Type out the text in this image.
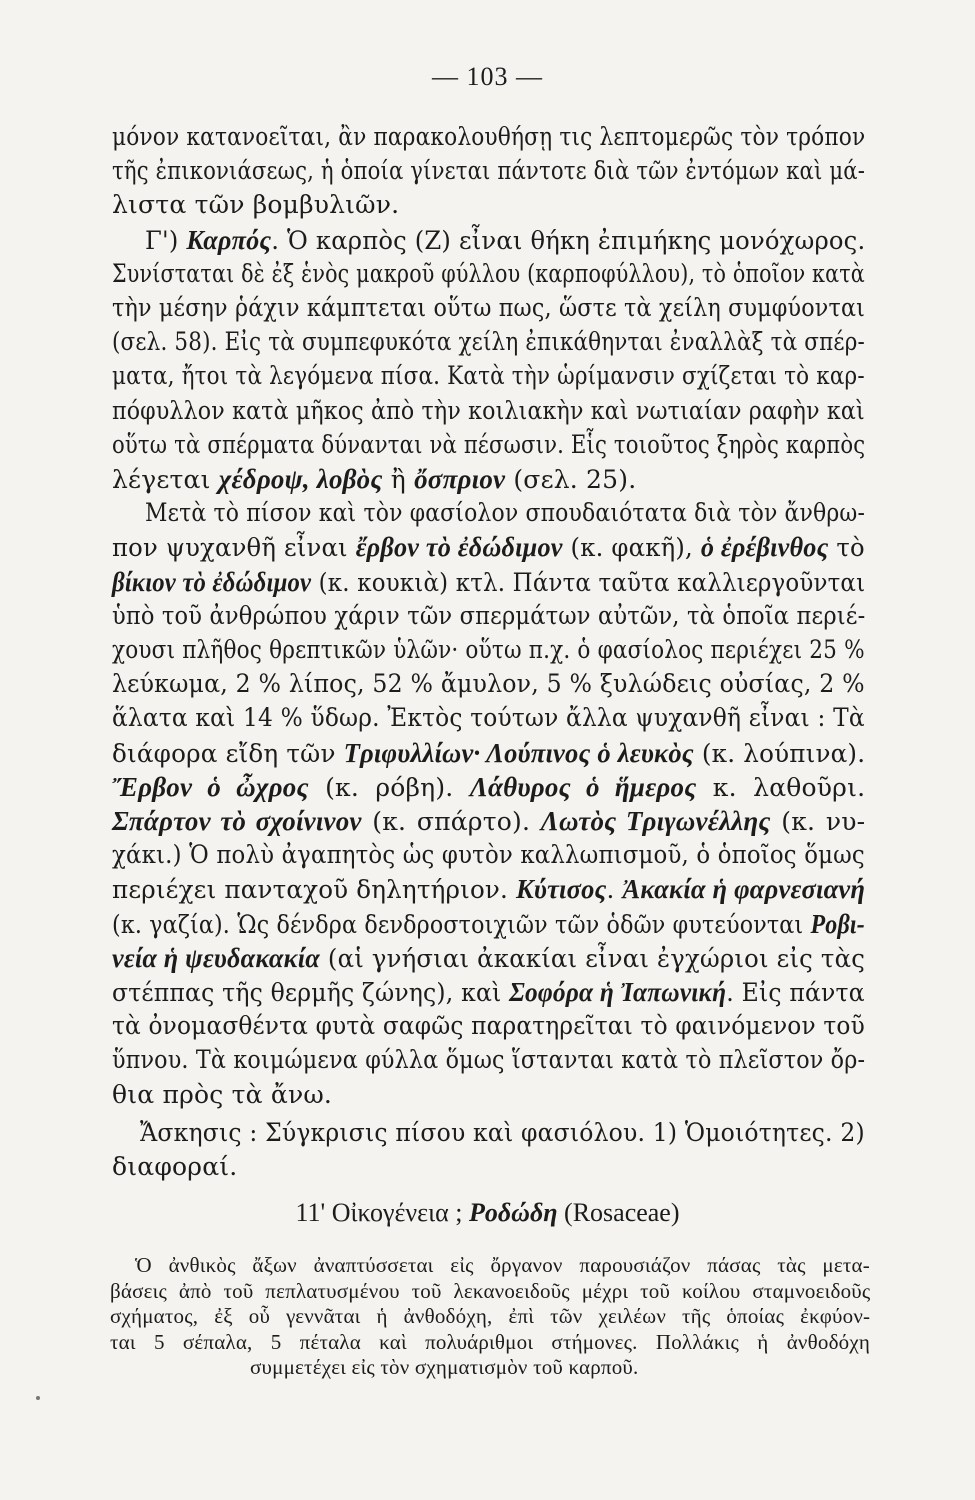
— 103 —
μόνον κατανοεῖται, ἂν παρακολουθήσῃ τις λεπτομερῶς τὸν τρόπον
τῆς ἐπικονιάσεως, ἡ ὁποία γίνεται πάντοτε διὰ τῶν ἐντόμων καὶ μά-
λιστα τῶν βομβυλιῶν.
Γ') Καρπός. Ὁ καρπὸς (Ζ) εἶναι θήκη ἐπιμήκης μονόχωρος.
Συνίσταται δὲ ἐξ ἑνὸς μακροῦ φύλλου (καρποφύλλου), τὸ ὁποῖον κατὰ
τὴν μέσην ῥάχιν κάμπτεται οὕτω πως, ὥστε τὰ χείλη συμφύονται
(σελ. 58). Εἰς τὰ συμπεφυκότα χείλη ἐπικάθηνται ἐναλλὰξ τὰ σπέρ-
ματα, ἤτοι τὰ λεγόμενα πίσα. Κατὰ τὴν ὡρίμανσιν σχίζεται τὸ καρ-
πόφυλλον κατὰ μῆκος ἀπὸ τὴν κοιλιακὴν καὶ νωτιαίαν ραφὴν καὶ
οὕτω τὰ σπέρματα δύνανται νὰ πέσωσιν. Εἷς τοιοῦτος ξηρὸς καρπὸς
λέγεται χέδροψ, λοβὸς ἢ ὄσπριον (σελ. 25).
Μετὰ τὸ πίσον καὶ τὸν φασίολον σπουδαιότατα διὰ τὸν ἄνθρω-
πον ψυχανθῆ εἶναι ἔρβον τὸ ἐδώδιμον (κ. φακῆ), ὁ ἐρέβινθος τὸ
βίκιον τὸ ἐδώδιμον (κ. κουκιὰ) κτλ. Πάντα ταῦτα καλλιεργοῦνται
ὑπὸ τοῦ ἀνθρώπου χάριν τῶν σπερμάτων αὐτῶν, τὰ ὁποῖα περιέ-
χουσι πλῆθος θρεπτικῶν ὑλῶν· οὕτω π.χ. ὁ φασίολος περιέχει 25 %
λεύκωμα, 2 % λίπος, 52 % ἄμυλον, 5 % ξυλώδεις οὐσίας, 2 %
ἅλατα καὶ 14 % ὕδωρ. Ἐκτὸς τούτων ἄλλα ψυχανθῆ εἶναι : Τὰ
διάφορα εἴδη τῶν Τριφυλλίων· Λούπινος ὁ λευκὸς (κ. λούπινα).
Ἔρβον ὁ ὦχρος (κ. ρόβη). Λάθυρος ὁ ἥμερος κ. λαθοῦρι.
Σπάρτον τὸ σχοίνινον (κ. σπάρτο). Λωτὸς Τριγωνέλλης (κ. νυ-
χάκι.) Ὁ πολὺ ἀγαπητὸς ὡς φυτὸν καλλωπισμοῦ, ὁ ὁποῖος ὅμως
περιέχει πανταχοῦ δηλητήριον. Κύτισος. Ἀκακία ἡ φαρνεσιανή
(κ. γαζία). Ὡς δένδρα δενδροστοιχιῶν τῶν ὁδῶν φυτεύονται Ροβι-
νεία ἡ ψευδακακία (αἱ γνήσιαι ἀκακίαι εἶναι ἐγχώριοι εἰς τὰς
στέππας τῆς θερμῆς ζώνης), καὶ Σοφόρα ἡ Ἰαπωνική. Εἰς πάντα
τὰ ὀνομασθέντα φυτὰ σαφῶς παρατηρεῖται τὸ φαινόμενον τοῦ
ὕπνου. Τὰ κοιμώμενα φύλλα ὅμως ἵστανται κατὰ τὸ πλεῖστον ὄρ-
θια πρὸς τὰ ἄνω.
Ἄσκησις : Σύγκρισις πίσου καὶ φασιόλου. 1) Ὁμοιότητες. 2)
διαφοραί.
11' Οἰκογένεια ; Ροδώδη (Rosaceae)
Ὁ ἀνθικὸς ἄξων ἀναπτύσσεται εἰς ὄργανον παρουσιάζον πάσας τὰς μετα-
βάσεις ἀπὸ τοῦ πεπλατυσμένου τοῦ λεκανοειδοῦς μέχρι τοῦ κοίλου σταμνοειδοῦς
σχήματος, ἐξ οὗ γεννᾶται ἡ ἀνθοδόχη, ἐπὶ τῶν χειλέων τῆς ὁποίας ἐκφύον-
ται 5 σέπαλα, 5 πέταλα καὶ πολυάριθμοι στήμονες. Πολλάκις ἡ ἀνθοδόχη
συμμετέχει εἰς τὸν σχηματισμὸν τοῦ καρποῦ.
